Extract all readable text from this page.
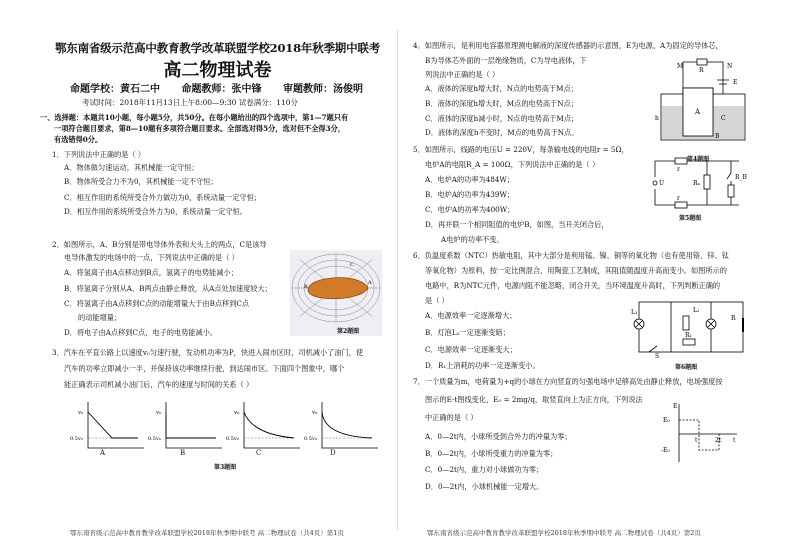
鄂东南省级示范高中教育教学改革联盟学校2018年秋季期中联考
高二物理试卷
命题学校：黄石二中 命题教师：张中锋 审题教师：汤俊明
考试时间：2018年11月13日上午8:00—9:30 试卷满分：110分
一、选择题：本题共10小题，每小题5分，共50分。在每小题给出的四个选项中，第1—7题只有
一项符合题目要求，第8—10题有多项符合题目要求。全部选对得5分，选对但不全得3分，
有选错得0分。
1．下列说法中正确的是（ ）
A．物体做匀速运动，其机械能一定守恒；
B．物体所受合力不为0，其机械能一定不守恒；
C．相互作用的系统所受合外力做功为0，系统动量一定守恒；
D．相互作用的系统所受合外力为0，系统动量一定守恒。
2．如图所示，A、B分别是带电导体外表和大头上的两点，C是该导
电导体激发的电场中的一点，下列说法中正确的是（ ）
A．将氢离子由A点移动到B点，氢离子的电势能减小；
B．将氢离子分别从A、B两点由静止释放，从A点处加速度较大；
C．将氢离子由A点移到C点的动能增量大于由B点移到C点
的动能增量；
D．将电子由A点移到C点，电子的电势能减小。
A
B
C
第2题图
3．汽车在平直公路上以速度v₀匀速行驶，发动机功率为P，快进入闹市区时，司机减小了油门，使
汽车的功率立即减小一半，并保持该功率继续行驶，到达闹市区。下面四个图象中，哪个
能正确表示司机减小油门后，汽车的速度与时间的关系（ ）
v₀
0.5v₀
v₀
0.5v₀
v₀
0.5v₀
v₀
0.5v₀
A	B	C	D
第3题图
鄂东南省级示范高中教育教学改革联盟学校2018年秋季期中联考 高二物理试卷（共4页）第1页
4．如图所示，是利用电容器原理测电解液的深度传感器的示意图，E为电源，A为固定的导体芯，
B为导体芯外面的一层绝缘物质，C为导电液体，下
列说法中正确的是（ ）
A．液体的深度h增大时，N点的电势高于M点；
B．液体的深度h增大时，M点的电势高于N点；
C．液体的深度h减小时，N点的电势高于M点；
D．液体的深度h不变时，M点的电势高于N点。
M
R
N
E
h
A
C
B
第4题图
5．如图所示，线路的电压U = 220V，每条输电线的电阻r = 5Ω，
电炉A的电阻R_A = 100Ω，下列说法中正确的是（ ）
A．电炉A的功率为484W；
B．电炉A的功率为439W；
C．电炉A的功率为400W；
D．再并联一个相同阻值的电炉B，如图，当开关闭合后，
A电炉的功率不变。
r
r
U	Rₐ
R_B
第5题图
6．负温度系数（NTC）热敏电阻，其中大部分是利用锰、镍、铜等的氧化物（也有使用铬、锌、钛
等氧化物）为原料，按一定比例混合，用陶瓷工艺制成，其阻值随温度升高而变小。如图所示的
电路中，R为NTC元件，电源内阻不能忽略，闭合开关，当环境温度升高时，下列判断正确的
是（ ）
A．电源效率一定逐渐增大；
B．灯泡L₂一定逐渐变暗；
C．电源效率一定逐渐变大；
D．R₁上消耗的功率一定逐渐变小。
L₁	L₂
R₁
R
S
第6题图
7．一个质量为m，电荷量为+q的小球在方向竖直的匀强电场中足够高处由静止释放，电场强度按
图示的E-t图线变化，E₀ = 2mg/q，取竖直向上为正方向，下列说法
中正确的是（ ）
A．0—2t内，小球所受到合外力的冲量为零；
B．0—2t内，小球所受重力的冲量为零；
C．0—2t内，重力对小球做功为零；
D．0—2t内，小球机械能一定增大。
E
E₀
-E₀
t
2t
t
鄂东南省级示范高中教育教学改革联盟学校2018年秋季期中联考 高二物理试卷（共4页）第2页
